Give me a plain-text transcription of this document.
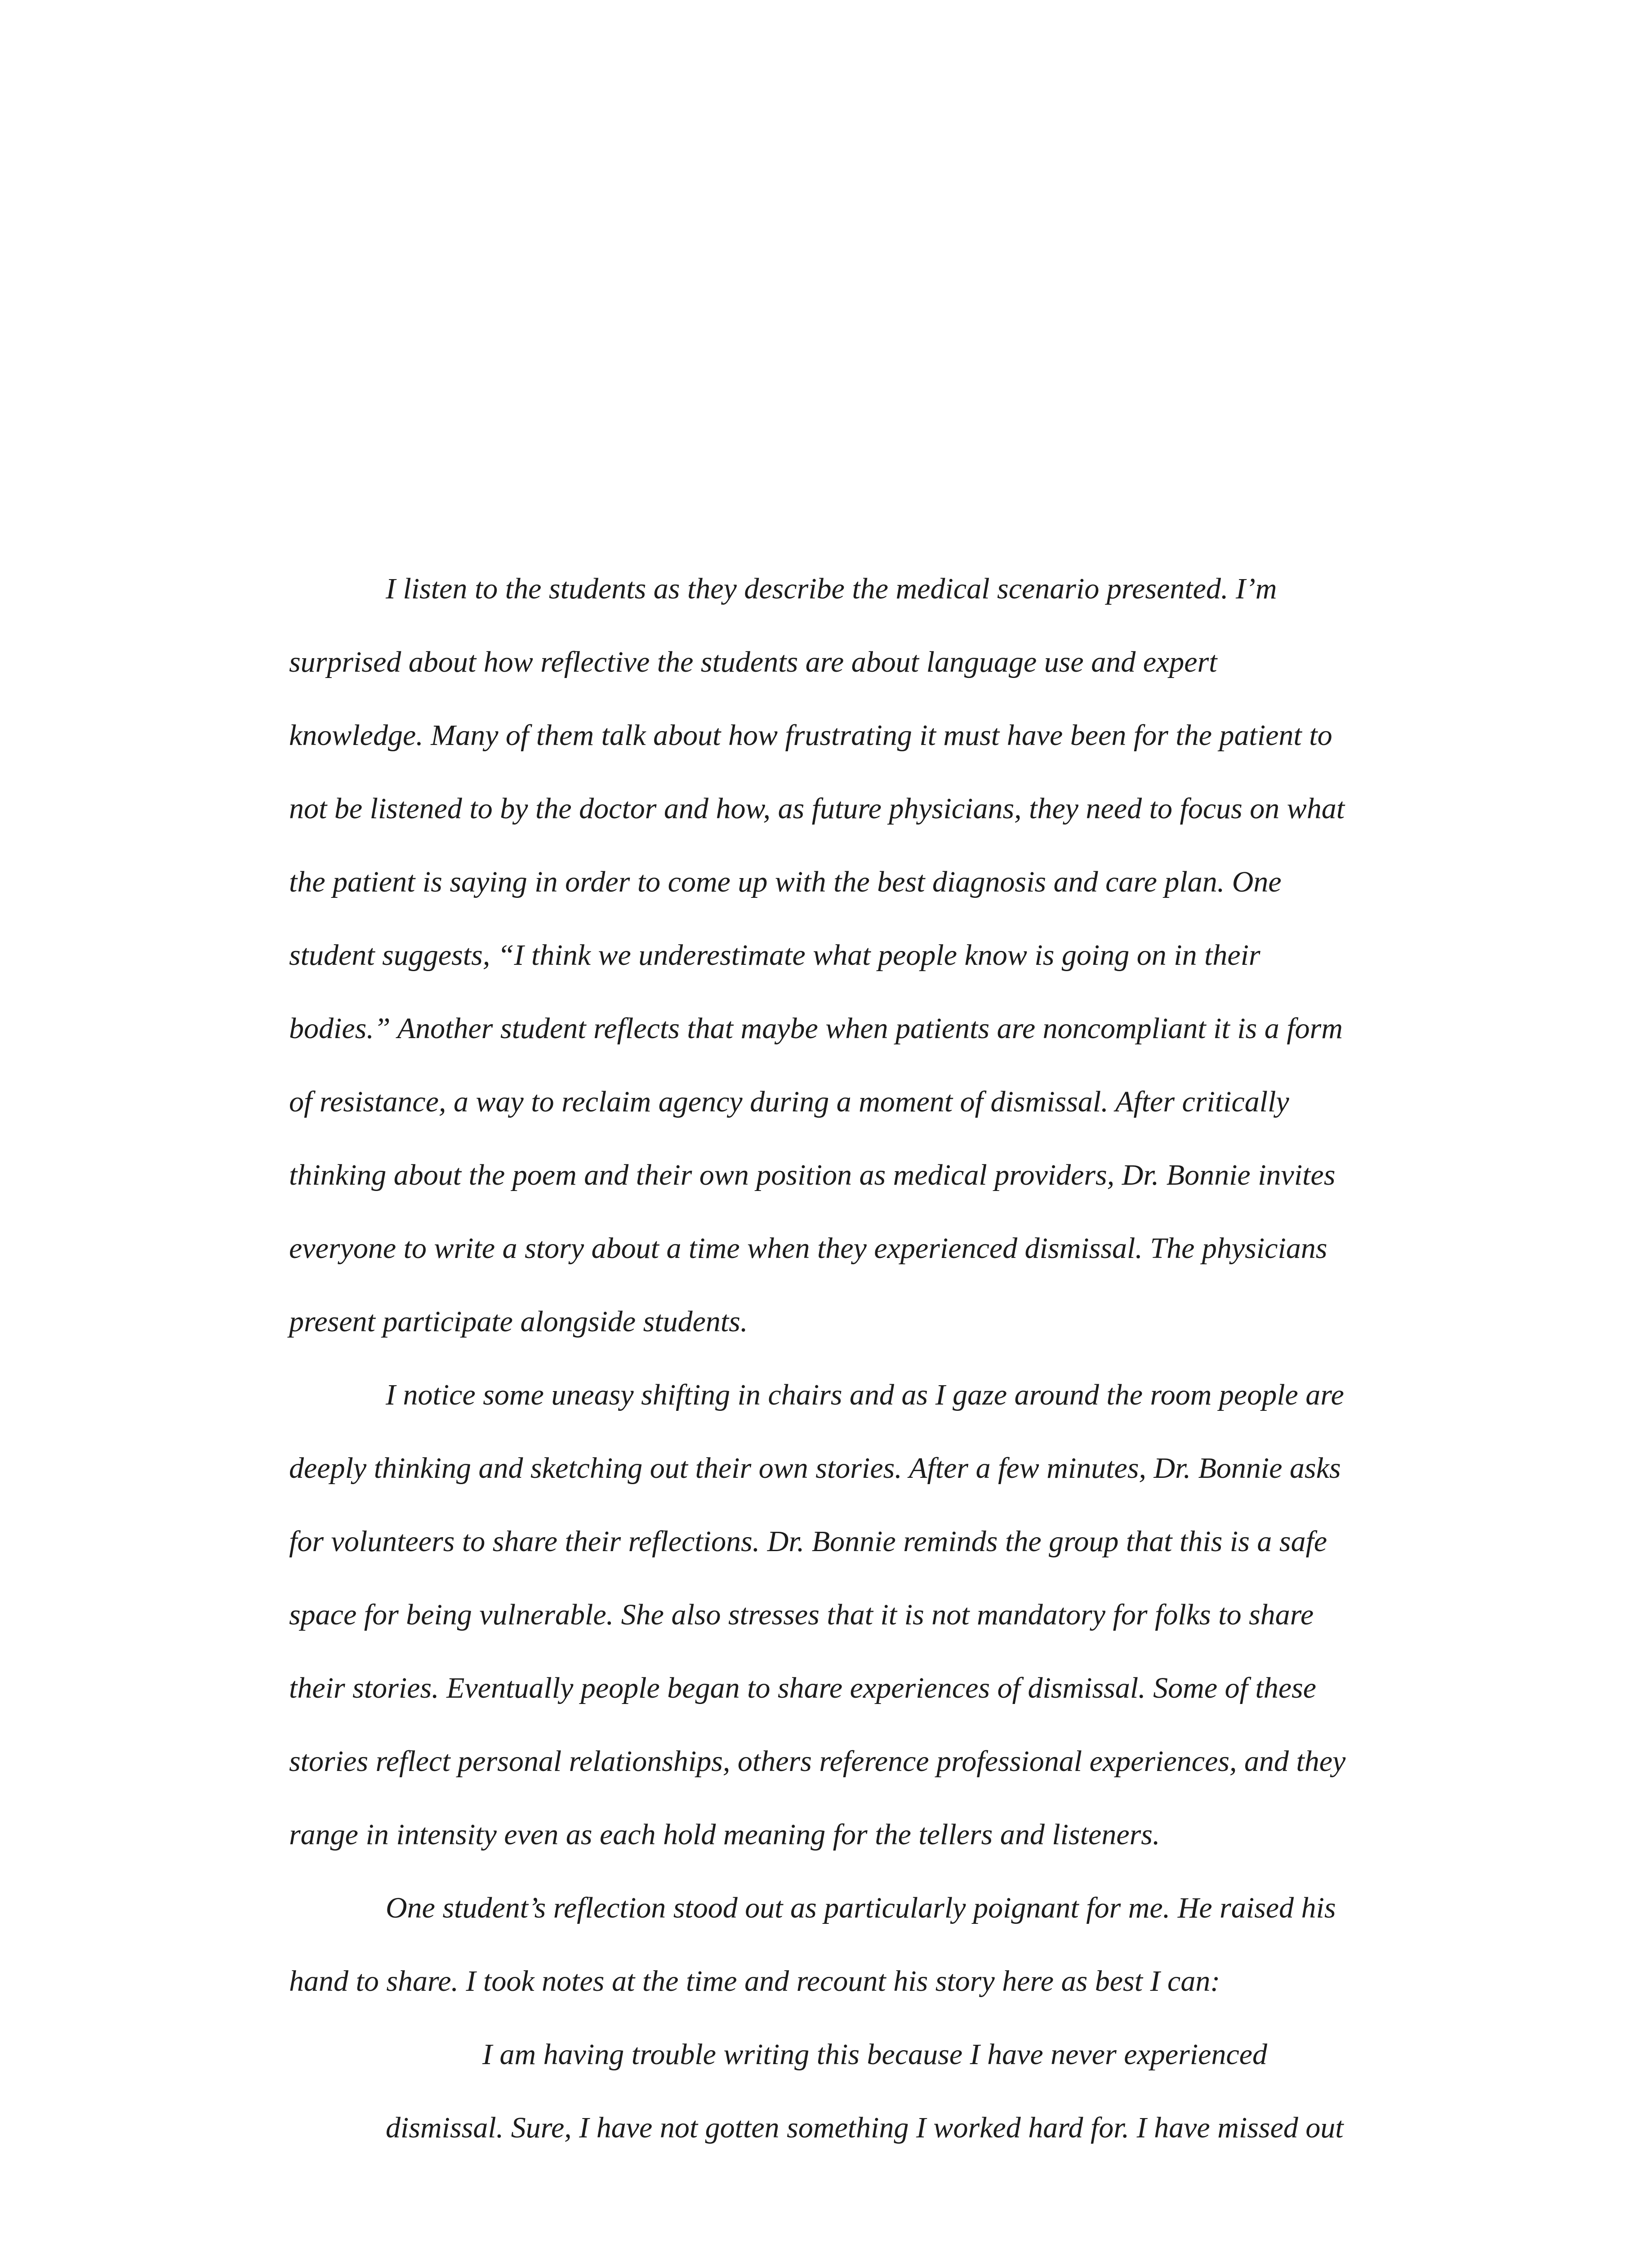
I listen to the students as they describe the medical scenario presented. I’m

surprised about how reflective the students are about language use and expert

knowledge. Many of them talk about how frustrating it must have been for the patient to

not be listened to by the doctor and how, as future physicians, they need to focus on what

the patient is saying in order to come up with the best diagnosis and care plan. One

student suggests, “I think we underestimate what people know is going on in their

bodies.” Another student reflects that maybe when patients are noncompliant it is a form

of resistance, a way to reclaim agency during a moment of dismissal. After critically

thinking about the poem and their own position as medical providers, Dr. Bonnie invites

everyone to write a story about a time when they experienced dismissal. The physicians

present participate alongside students.

I notice some uneasy shifting in chairs and as I gaze around the room people are

deeply thinking and sketching out their own stories. After a few minutes, Dr. Bonnie asks

for volunteers to share their reflections. Dr. Bonnie reminds the group that this is a safe

space for being vulnerable. She also stresses that it is not mandatory for folks to share

their stories. Eventually people began to share experiences of dismissal. Some of these

stories reflect personal relationships, others reference professional experiences, and they

range in intensity even as each hold meaning for the tellers and listeners.

One student’s reflection stood out as particularly poignant for me. He raised his

hand to share. I took notes at the time and recount his story here as best I can:

I am having trouble writing this because I have never experienced

dismissal. Sure, I have not gotten something I worked hard for. I have missed out
